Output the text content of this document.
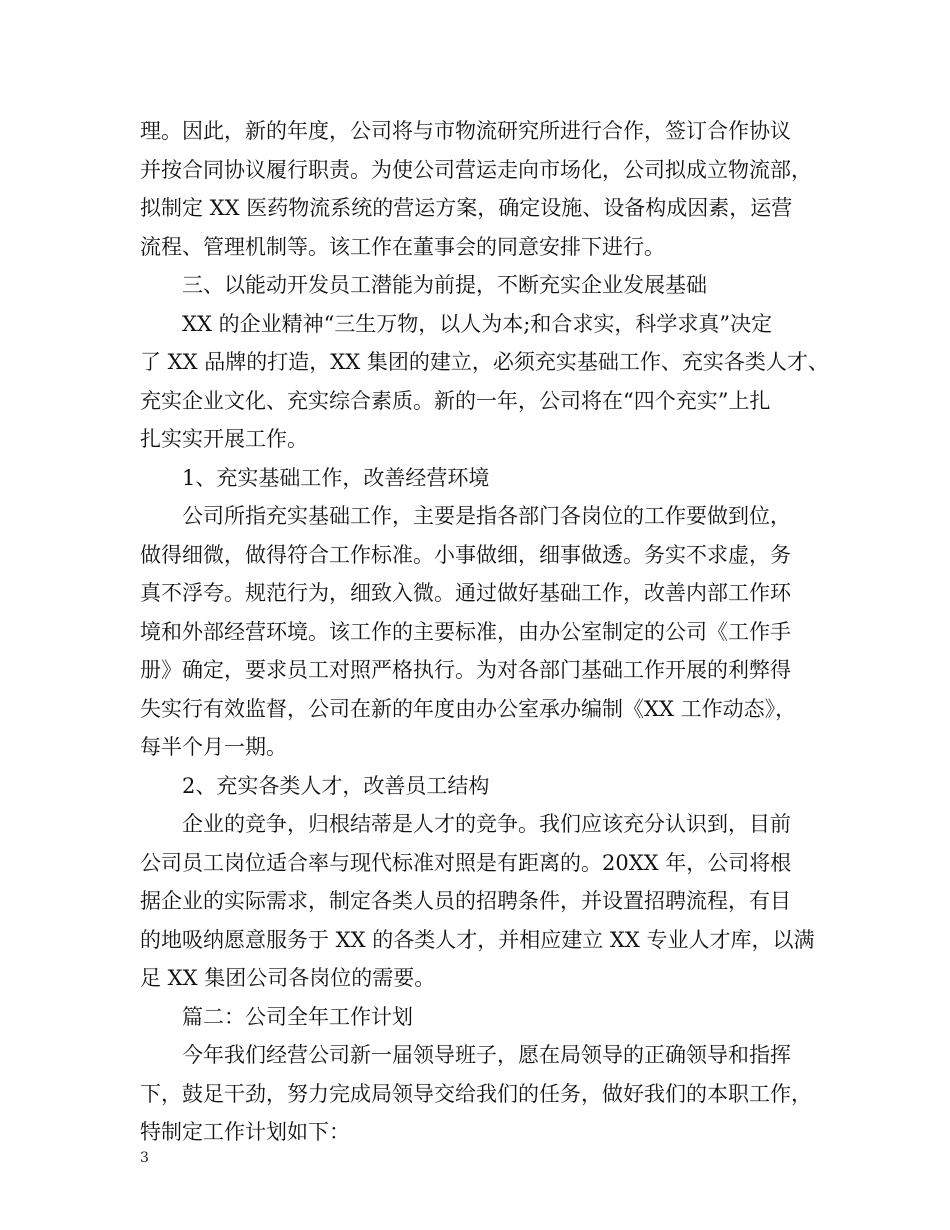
理。因此，新的年度，公司将与市物流研究所进行合作，签订合作协议
并按合同协议履行职责。为使公司营运走向市场化，公司拟成立物流部，
拟制定 XX 医药物流系统的营运方案，确定设施、设备构成因素，运营
流程、管理机制等。该工作在董事会的同意安排下进行。
三、以能动开发员工潜能为前提，不断充实企业发展基础
XX 的企业精神“三生万物，以人为本;和合求实，科学求真”决定
了 XX 品牌的打造，XX 集团的建立，必须充实基础工作、充实各类人才、
充实企业文化、充实综合素质。新的一年，公司将在“四个充实”上扎
扎实实开展工作。
1、充实基础工作，改善经营环境
公司所指充实基础工作，主要是指各部门各岗位的工作要做到位，
做得细微，做得符合工作标准。小事做细，细事做透。务实不求虚，务
真不浮夸。规范行为，细致入微。通过做好基础工作，改善内部工作环
境和外部经营环境。该工作的主要标准，由办公室制定的公司《工作手
册》确定，要求员工对照严格执行。为对各部门基础工作开展的利弊得
失实行有效监督，公司在新的年度由办公室承办编制《XX 工作动态》，
每半个月一期。
2、充实各类人才，改善员工结构
企业的竞争，归根结蒂是人才的竞争。我们应该充分认识到，目前
公司员工岗位适合率与现代标准对照是有距离的。20XX 年，公司将根
据企业的实际需求，制定各类人员的招聘条件，并设置招聘流程，有目
的地吸纳愿意服务于 XX 的各类人才，并相应建立 XX 专业人才库，以满
足 XX 集团公司各岗位的需要。
篇二：公司全年工作计划
今年我们经营公司新一届领导班子，愿在局领导的正确领导和指挥
下，鼓足干劲，努力完成局领导交给我们的任务，做好我们的本职工作，
特制定工作计划如下：
3
